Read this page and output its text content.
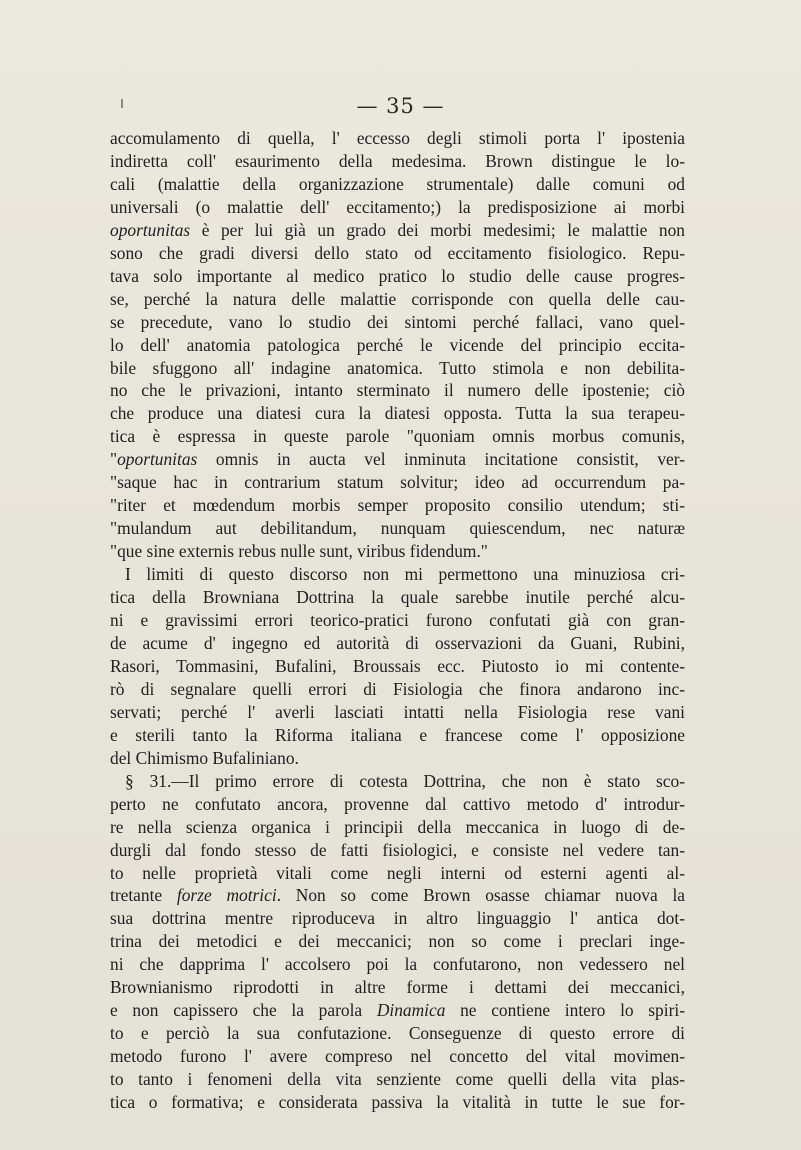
— 35 —
accomulamento di quella, l' eccesso degli stimoli porta l' ipostenia
indiretta coll' esaurimento della medesima. Brown distingue le lo-
cali (malattie della organizzazione strumentale) dalle comuni od
universali (o malattie dell' eccitamento;) la predisposizione ai morbi
oportunitas è per lui già un grado dei morbi medesimi; le malattie non
sono che gradi diversi dello stato od eccitamento fisiologico. Repu-
tava solo importante al medico pratico lo studio delle cause progres-
se, perché la natura delle malattie corrisponde con quella delle cau-
se precedute, vano lo studio dei sintomi perché fallaci, vano quel-
lo dell' anatomia patologica perché le vicende del principio eccita-
bile sfuggono all' indagine anatomica. Tutto stimola e non debilita-
no che le privazioni, intanto sterminato il numero delle ipostenie; ciò
che produce una diatesi cura la diatesi opposta. Tutta la sua terapeu-
tica è espressa in queste parole "quoniam omnis morbus comunis,
"oportunitas omnis in aucta vel inminuta incitatione consistit, ver-
"saque hac in contrarium statum solvitur; ideo ad occurrendum pa-
"riter et mœdendum morbis semper proposito consilio utendum; sti-
"mulandum aut debilitandum, nunquam quiescendum, nec naturæ
"que sine externis rebus nulle sunt, viribus fidendum."
I limiti di questo discorso non mi permettono una minuziosa cri-
tica della Browniana Dottrina la quale sarebbe inutile perché alcu-
ni e gravissimi errori teorico-pratici furono confutati già con gran-
de acume d' ingegno ed autorità di osservazioni da Guani, Rubini,
Rasori, Tommasini, Bufalini, Broussais ecc. Piutosto io mi contente-
rò di segnalare quelli errori di Fisiologia che finora andarono inc-
servati; perché l' averli lasciati intatti nella Fisiologia rese vani
e sterili tanto la Riforma italiana e francese come l' opposizione
del Chimismo Bufaliniano.
§ 31.—Il primo errore di cotesta Dottrina, che non è stato sco-
perto ne confutato ancora, provenne dal cattivo metodo d' introdur-
re nella scienza organica i principii della meccanica in luogo di de-
durgli dal fondo stesso de fatti fisiologici, e consiste nel vedere tan-
to nelle proprietà vitali come negli interni od esterni agenti al-
tretante forze motrici. Non so come Brown osasse chiamar nuova la
sua dottrina mentre riproduceva in altro linguaggio l' antica dot-
trina dei metodici e dei meccanici; non so come i preclari inge-
ni che dapprima l' accolsero poi la confutarono, non vedessero nel
Brownianismo riprodotti in altre forme i dettami dei meccanici,
e non capissero che la parola Dinamica ne contiene intero lo spiri-
to e perciò la sua confutazione. Conseguenze di questo errore di
metodo furono l' avere compreso nel concetto del vital movimen-
to tanto i fenomeni della vita senziente come quelli della vita plas-
tica o formativa; e considerata passiva la vitalità in tutte le sue for-
